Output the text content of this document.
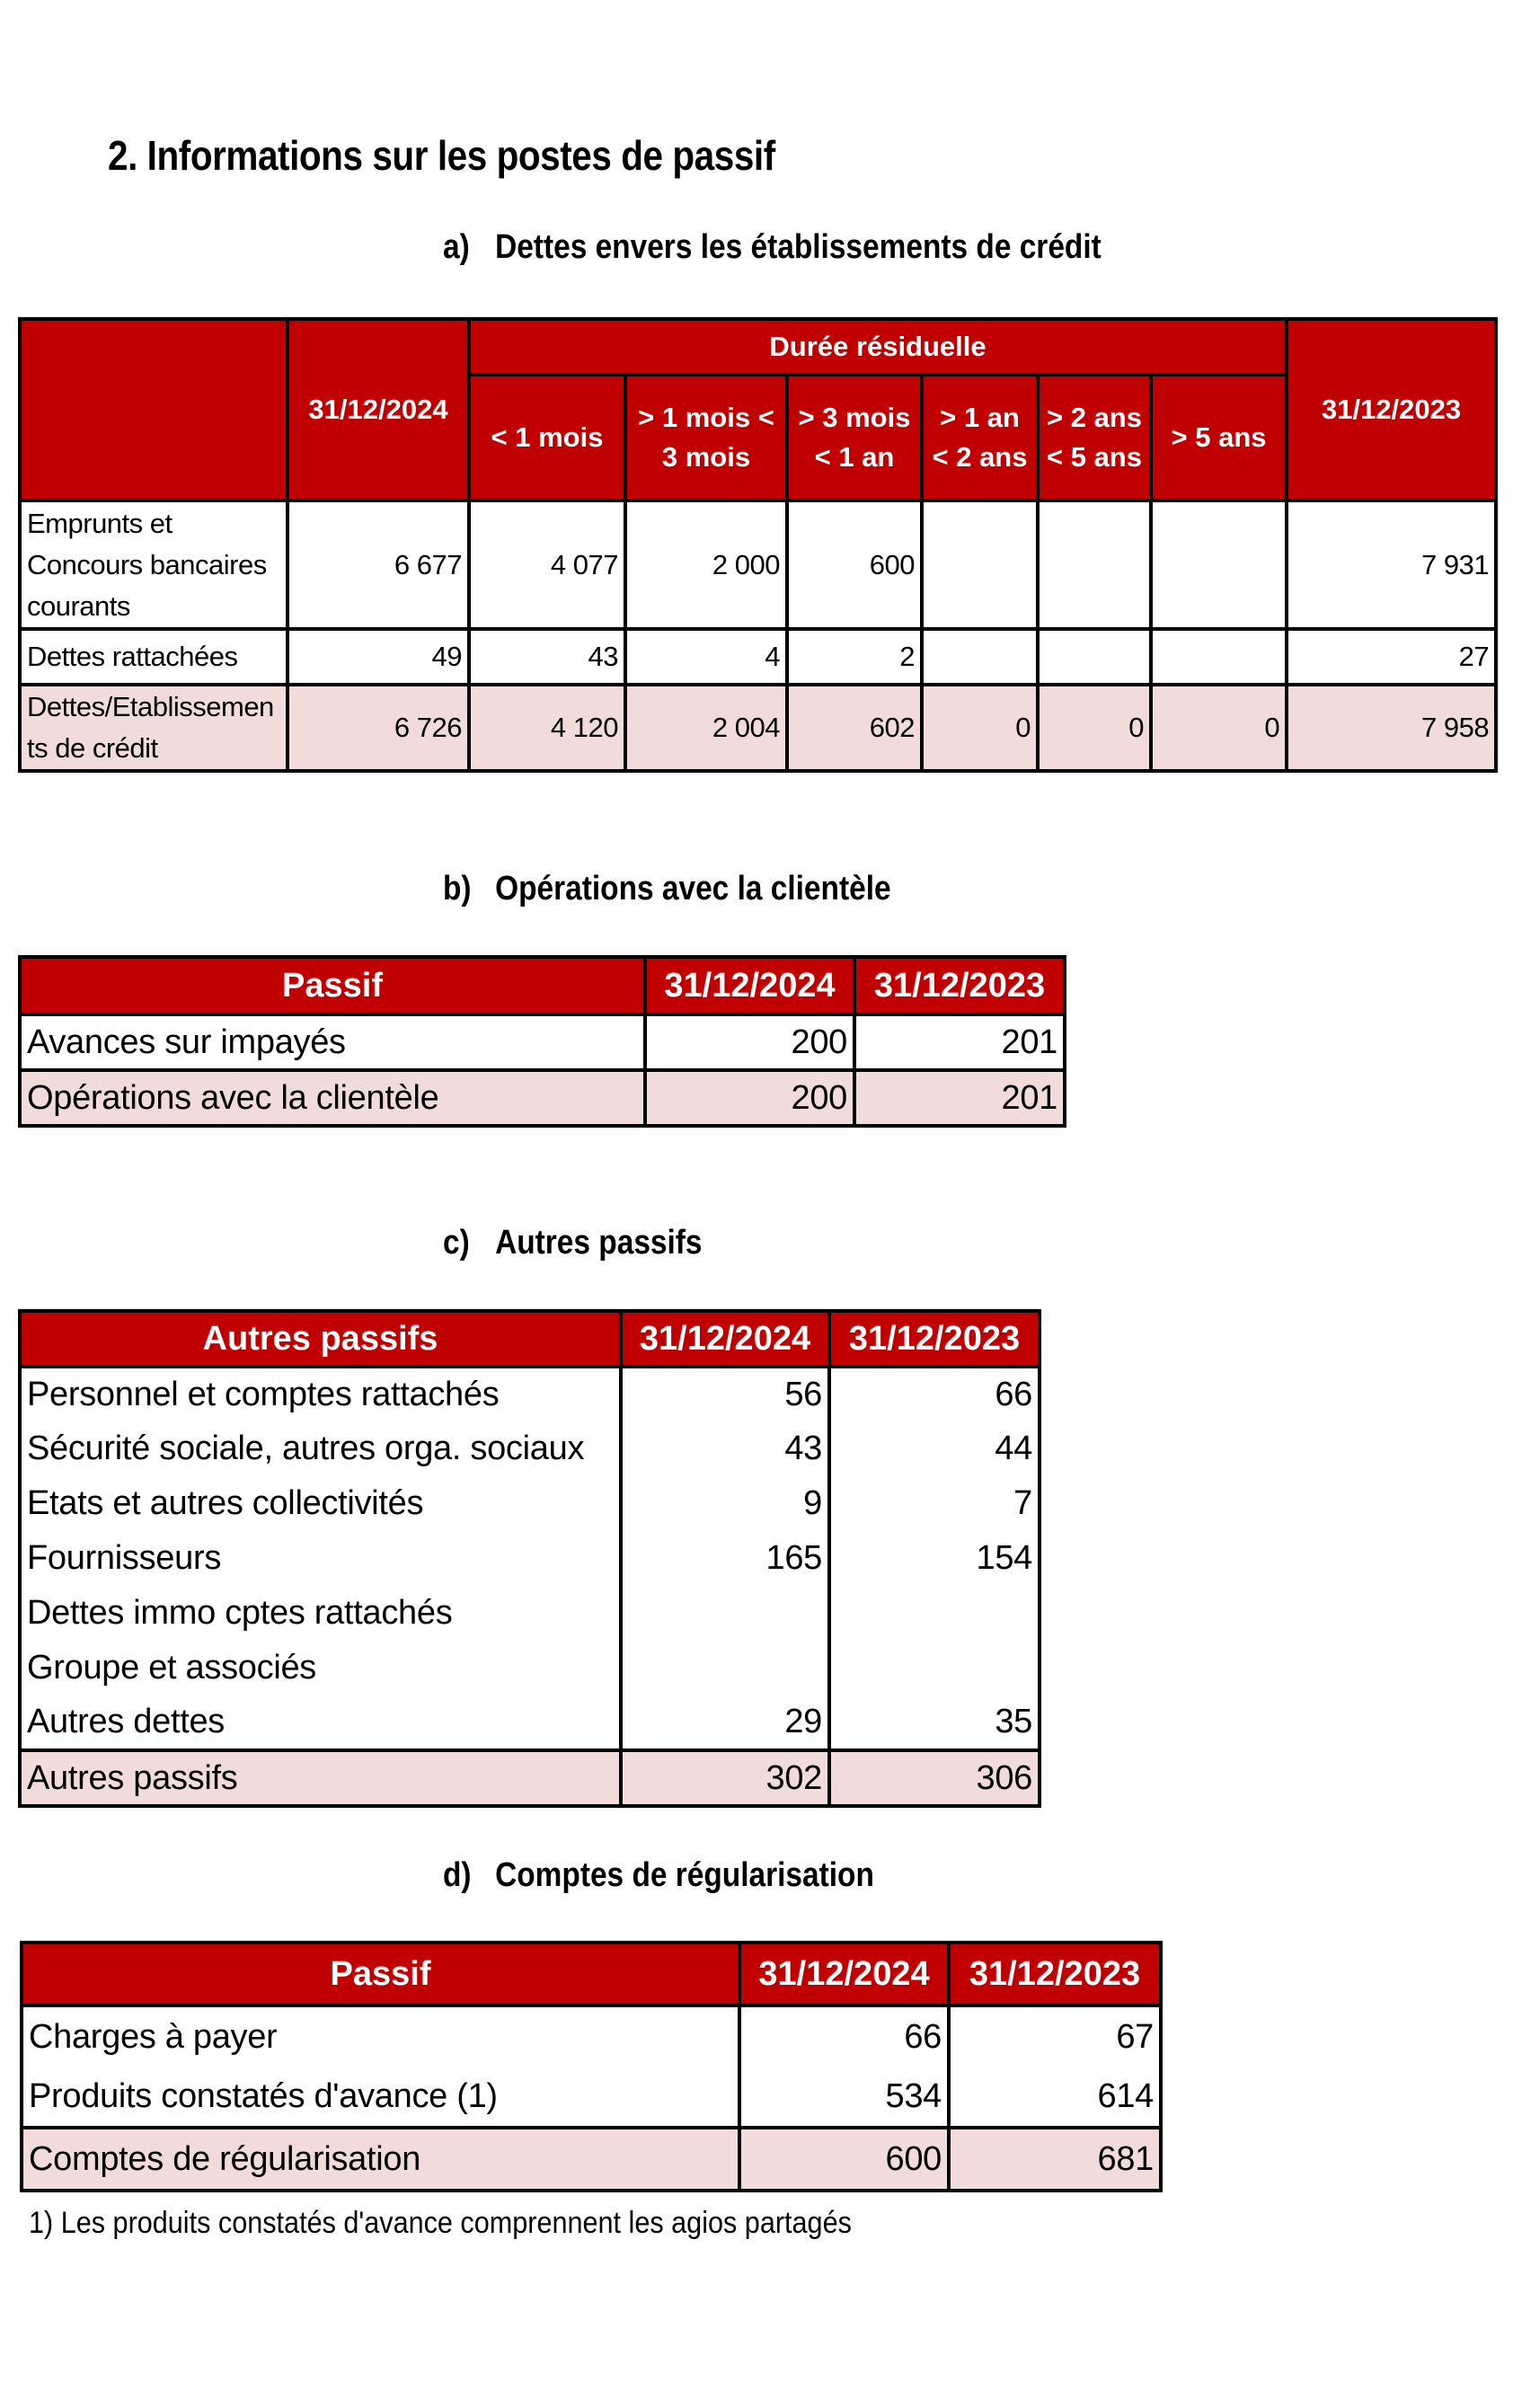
2. Informations sur les postes de passif
a) Dettes envers les établissements de crédit
	31/12/2024	Durée résiduelle						31/12/2023
		< 1 mois	> 1 mois < 3 mois	> 3 mois < 1 an	> 1 an < 2 ans	> 2 ans < 5 ans	> 5 ans	
Emprunts et Concours bancaires courants	6 677	4 077	2 000	600				7 931
Dettes rattachées	49	43	4	2				27
Dettes/Etablissements de crédit	6 726	4 120	2 004	602	0	0	0	7 958
b) Opérations avec la clientèle
Passif	31/12/2024	31/12/2023
Avances sur impayés	200	201
Opérations avec la clientèle	200	201
c) Autres passifs
Autres passifs	31/12/2024	31/12/2023
Personnel et comptes rattachés	56	66
Sécurité sociale, autres orga. sociaux	43	44
Etats et autres collectivités	9	7
Fournisseurs	165	154
Dettes immo cptes rattachés		
Groupe et associés		
Autres dettes	29	35
Autres passifs	302	306
d) Comptes de régularisation
Passif	31/12/2024	31/12/2023
Charges à payer	66	67
Produits constatés d'avance (1)	534	614
Comptes de régularisation	600	681
1) Les produits constatés d'avance comprennent les agios partagés
